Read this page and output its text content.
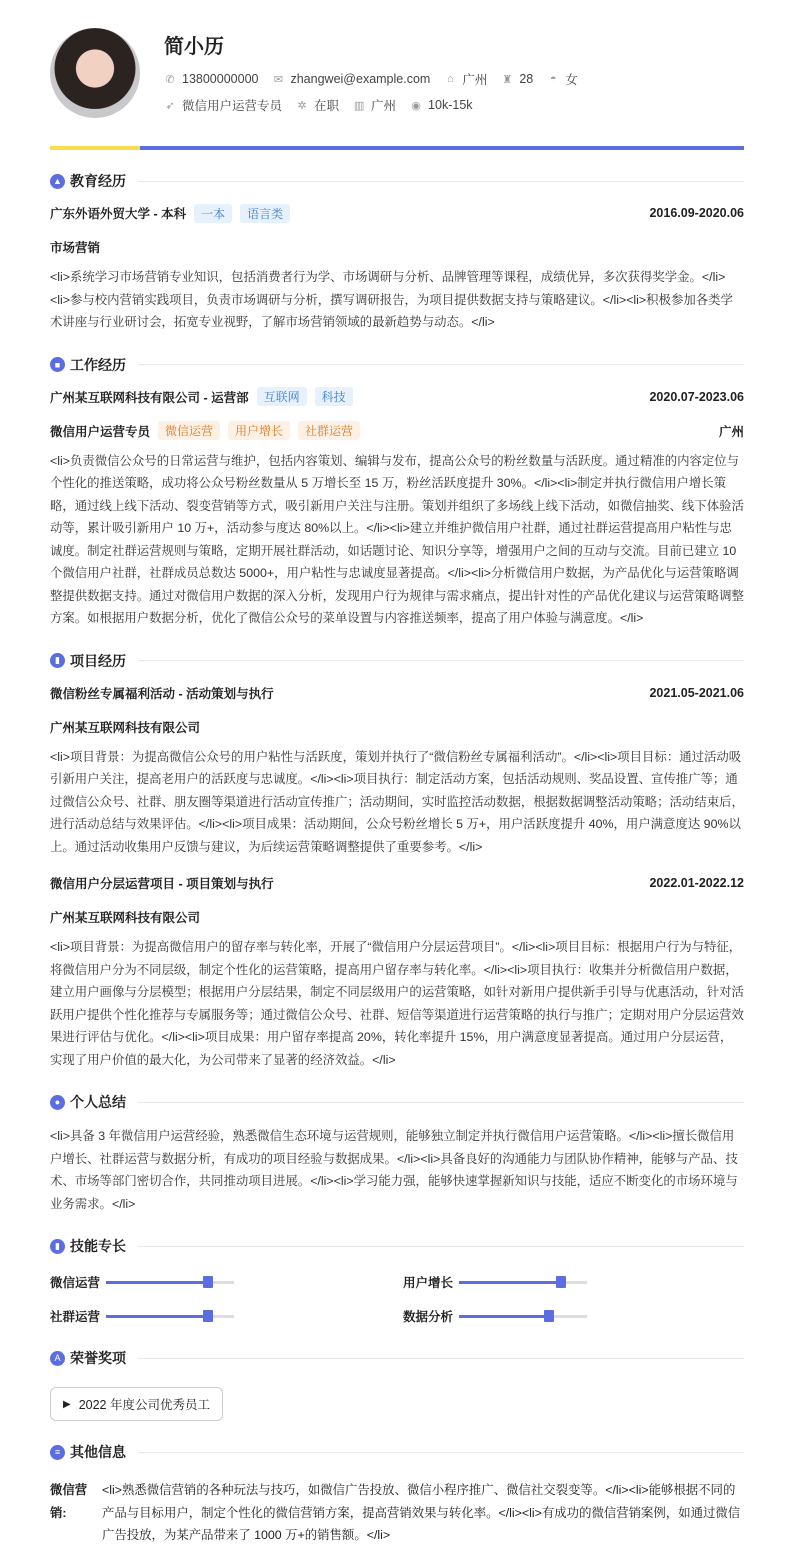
简小历
✆ 13800000000 ✉ zhangwei@example.com ⌂ 广州 ♜ 28 ◓ 女
➶ 微信用户运营专员 ✲ 在职 ▥ 广州 ◉ 10k-15k
▲ 教育经历
广东外语外贸大学 - 本科	一本	语言类	2016.09-2020.06
市场营销
<li>系统学习市场营销专业知识，包括消费者行为学、市场调研与分析、品牌管理等课程，成绩优异，多次获得奖学金。</li><li>参与校内营销实践项目，负责市场调研与分析，撰写调研报告，为项目提供数据支持与策略建议。</li><li>积极参加各类学术讲座与行业研讨会，拓宽专业视野，了解市场营销领域的最新趋势与动态。</li>
■ 工作经历
广州某互联网科技有限公司 - 运营部	互联网	科技	2020.07-2023.06
微信用户运营专员	微信运营	用户增长	社群运营	广州
<li>负责微信公众号的日常运营与维护，包括内容策划、编辑与发布，提高公众号的粉丝数量与活跃度。通过精准的内容定位与个性化的推送策略，成功将公众号粉丝数量从 5 万增长至 15 万，粉丝活跃度提升 30%。</li><li>制定并执行微信用户增长策略，通过线上线下活动、裂变营销等方式，吸引新用户关注与注册。策划并组织了多场线上线下活动，如微信抽奖、线下体验活动等，累计吸引新用户 10 万+，活动参与度达 80%以上。</li><li>建立并维护微信用户社群，通过社群运营提高用户粘性与忠诚度。制定社群运营规则与策略，定期开展社群活动，如话题讨论、知识分享等，增强用户之间的互动与交流。目前已建立 10 个微信用户社群，社群成员总数达 5000+，用户粘性与忠诚度显著提高。</li><li>分析微信用户数据，为产品优化与运营策略调整提供数据支持。通过对微信用户数据的深入分析，发现用户行为规律与需求痛点，提出针对性的产品优化建议与运营策略调整方案。如根据用户数据分析，优化了微信公众号的菜单设置与内容推送频率，提高了用户体验与满意度。</li>
▮ 项目经历
微信粉丝专属福利活动 - 活动策划与执行	2021.05-2021.06
广州某互联网科技有限公司
<li>项目背景：为提高微信公众号的用户粘性与活跃度，策划并执行了“微信粉丝专属福利活动”。</li><li>项目目标：通过活动吸引新用户关注，提高老用户的活跃度与忠诚度。</li><li>项目执行：制定活动方案，包括活动规则、奖品设置、宣传推广等；通过微信公众号、社群、朋友圈等渠道进行活动宣传推广；活动期间，实时监控活动数据，根据数据调整活动策略；活动结束后，进行活动总结与效果评估。</li><li>项目成果：活动期间，公众号粉丝增长 5 万+，用户活跃度提升 40%，用户满意度达 90%以上。通过活动收集用户反馈与建议，为后续运营策略调整提供了重要参考。</li>
微信用户分层运营项目 - 项目策划与执行	2022.01-2022.12
广州某互联网科技有限公司
<li>项目背景：为提高微信用户的留存率与转化率，开展了“微信用户分层运营项目”。</li><li>项目目标：根据用户行为与特征，将微信用户分为不同层级，制定个性化的运营策略，提高用户留存率与转化率。</li><li>项目执行：收集并分析微信用户数据，建立用户画像与分层模型；根据用户分层结果，制定不同层级用户的运营策略，如针对新用户提供新手引导与优惠活动，针对活跃用户提供个性化推荐与专属服务等；通过微信公众号、社群、短信等渠道进行运营策略的执行与推广；定期对用户分层运营效果进行评估与优化。</li><li>项目成果：用户留存率提高 20%，转化率提升 15%，用户满意度显著提高。通过用户分层运营，实现了用户价值的最大化，为公司带来了显著的经济效益。</li>
● 个人总结
<li>具备 3 年微信用户运营经验，熟悉微信生态环境与运营规则，能够独立制定并执行微信用户运营策略。</li><li>擅长微信用户增长、社群运营与数据分析，有成功的项目经验与数据成果。</li><li>具备良好的沟通能力与团队协作精神，能够与产品、技术、市场等部门密切合作，共同推动项目进展。</li><li>学习能力强，能够快速掌握新知识与技能，适应不断变化的市场环境与业务需求。</li>
▮ 技能专长
微信运营	用户增长
社群运营	数据分析
A 荣誉奖项
▶ 2022 年度公司优秀员工
≡ 其他信息
微信营销:
<li>熟悉微信营销的各种玩法与技巧，如微信广告投放、微信小程序推广、微信社交裂变等。</li><li>能够根据不同的产品与目标用户，制定个性化的微信营销方案，提高营销效果与转化率。</li><li>有成功的微信营销案例，如通过微信广告投放，为某产品带来了 1000 万+的销售额。</li>
